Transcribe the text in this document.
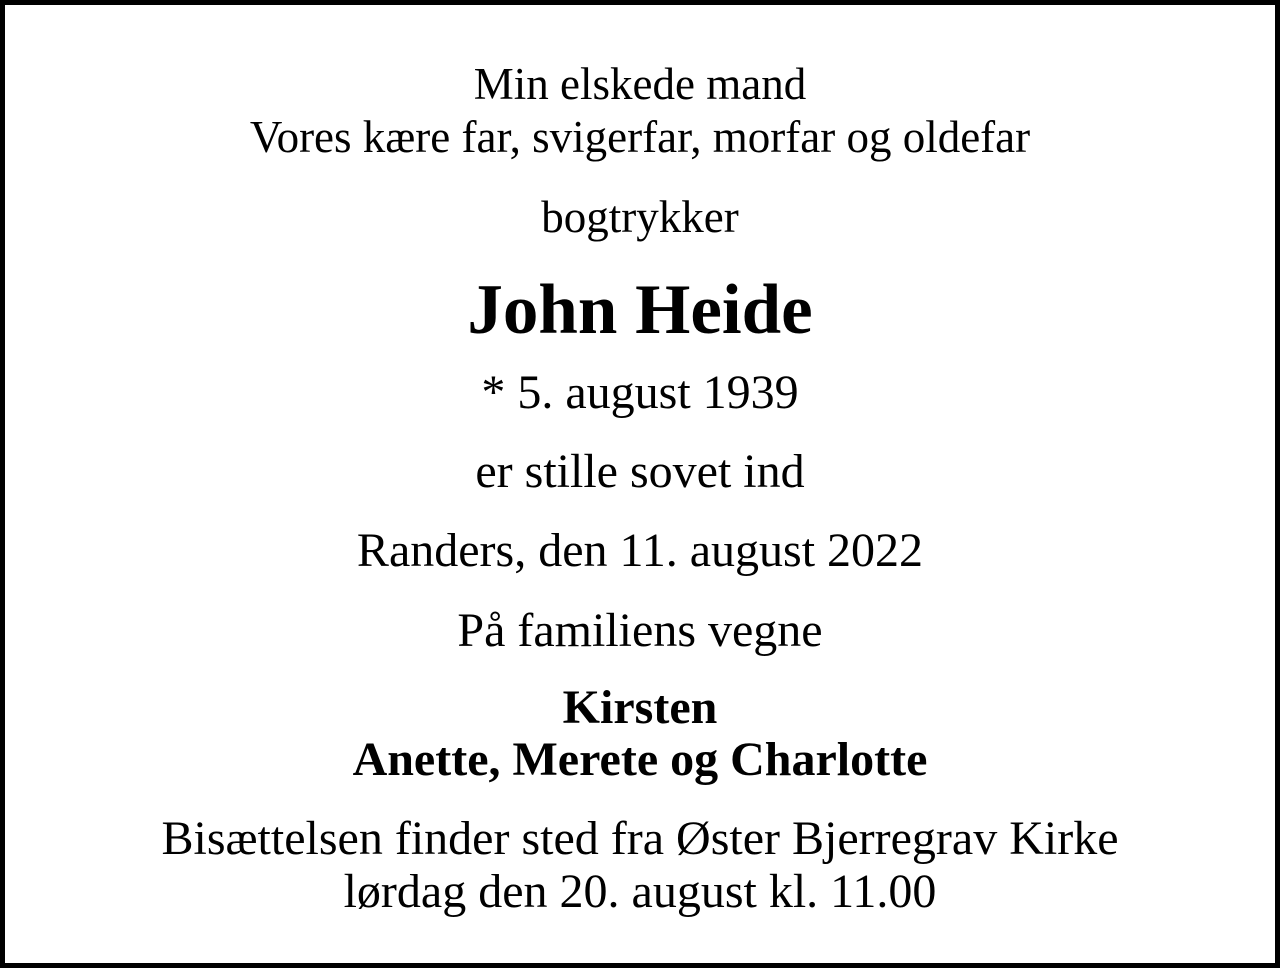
Min elskede mand
Vores kære far, svigerfar, morfar og oldefar
bogtrykker
John Heide
* 5. august 1939
er stille sovet ind
Randers, den 11. august 2022
På familiens vegne
Kirsten
Anette, Merete og Charlotte
Bisættelsen finder sted fra Øster Bjerregrav Kirke
lørdag den 20. august kl. 11.00
